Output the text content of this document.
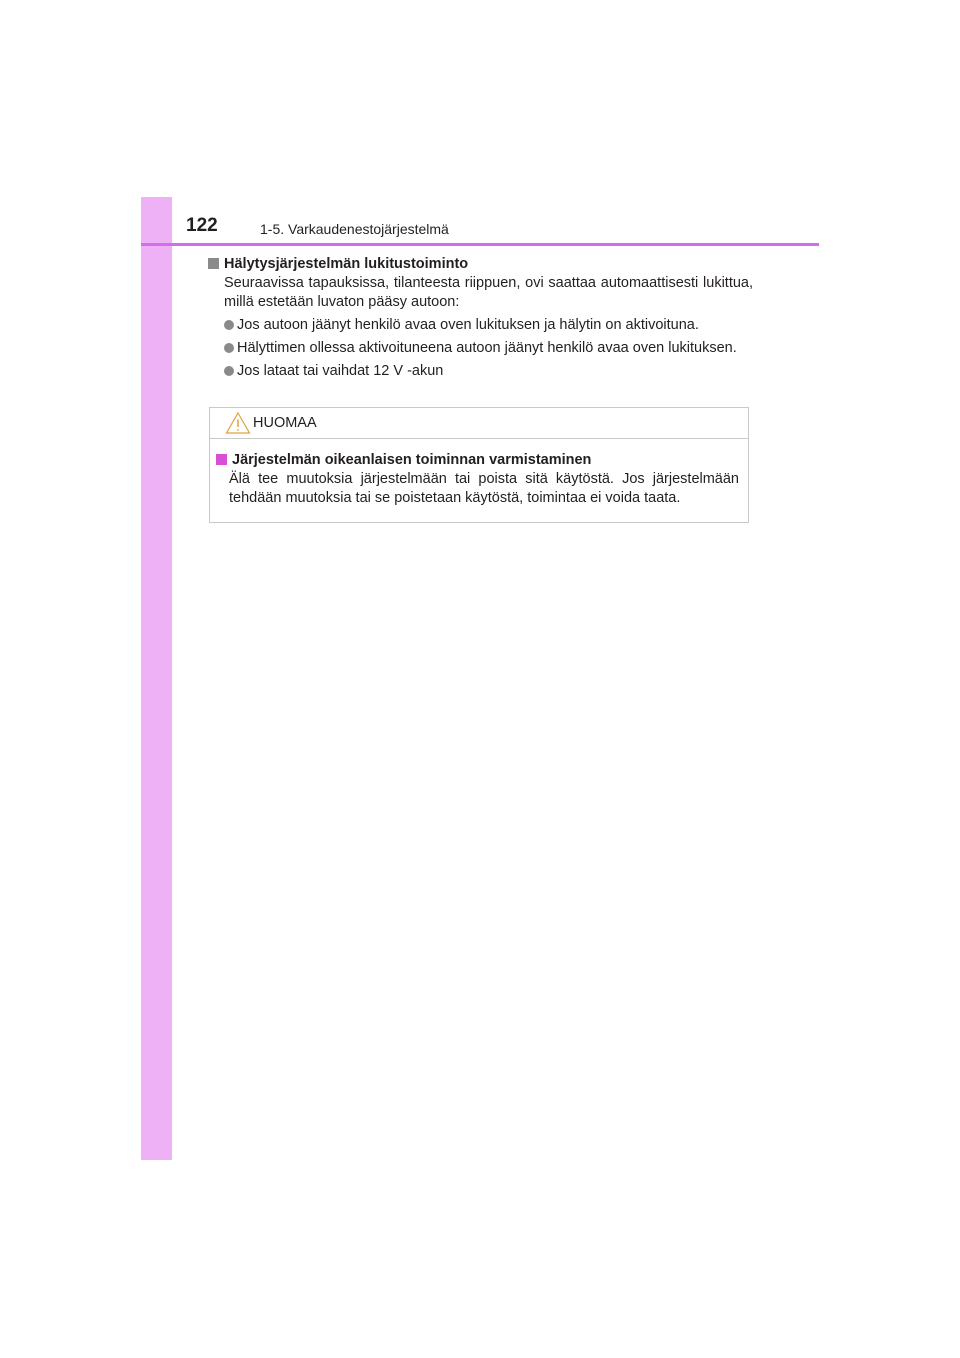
122	1-5. Varkaudenestojärjestelmä

Hälytysjärjestelmän lukitustoiminto

Seuraavissa tapauksissa, tilanteesta riippuen, ovi saattaa automaattisesti lukittua, millä estetään luvaton pääsy autoon:

Jos autoon jäänyt henkilö avaa oven lukituksen ja hälytin on aktivoituna.
Hälyttimen ollessa aktivoituneena autoon jäänyt henkilö avaa oven lukituksen.
Jos lataat tai vaihdat 12 V -akun
HUOMAA

Järjestelmän oikeanlaisen toiminnan varmistaminen

Älä tee muutoksia järjestelmään tai poista sitä käytöstä. Jos järjestelmään tehdään muutoksia tai se poistetaan käytöstä, toimintaa ei voida taata.
